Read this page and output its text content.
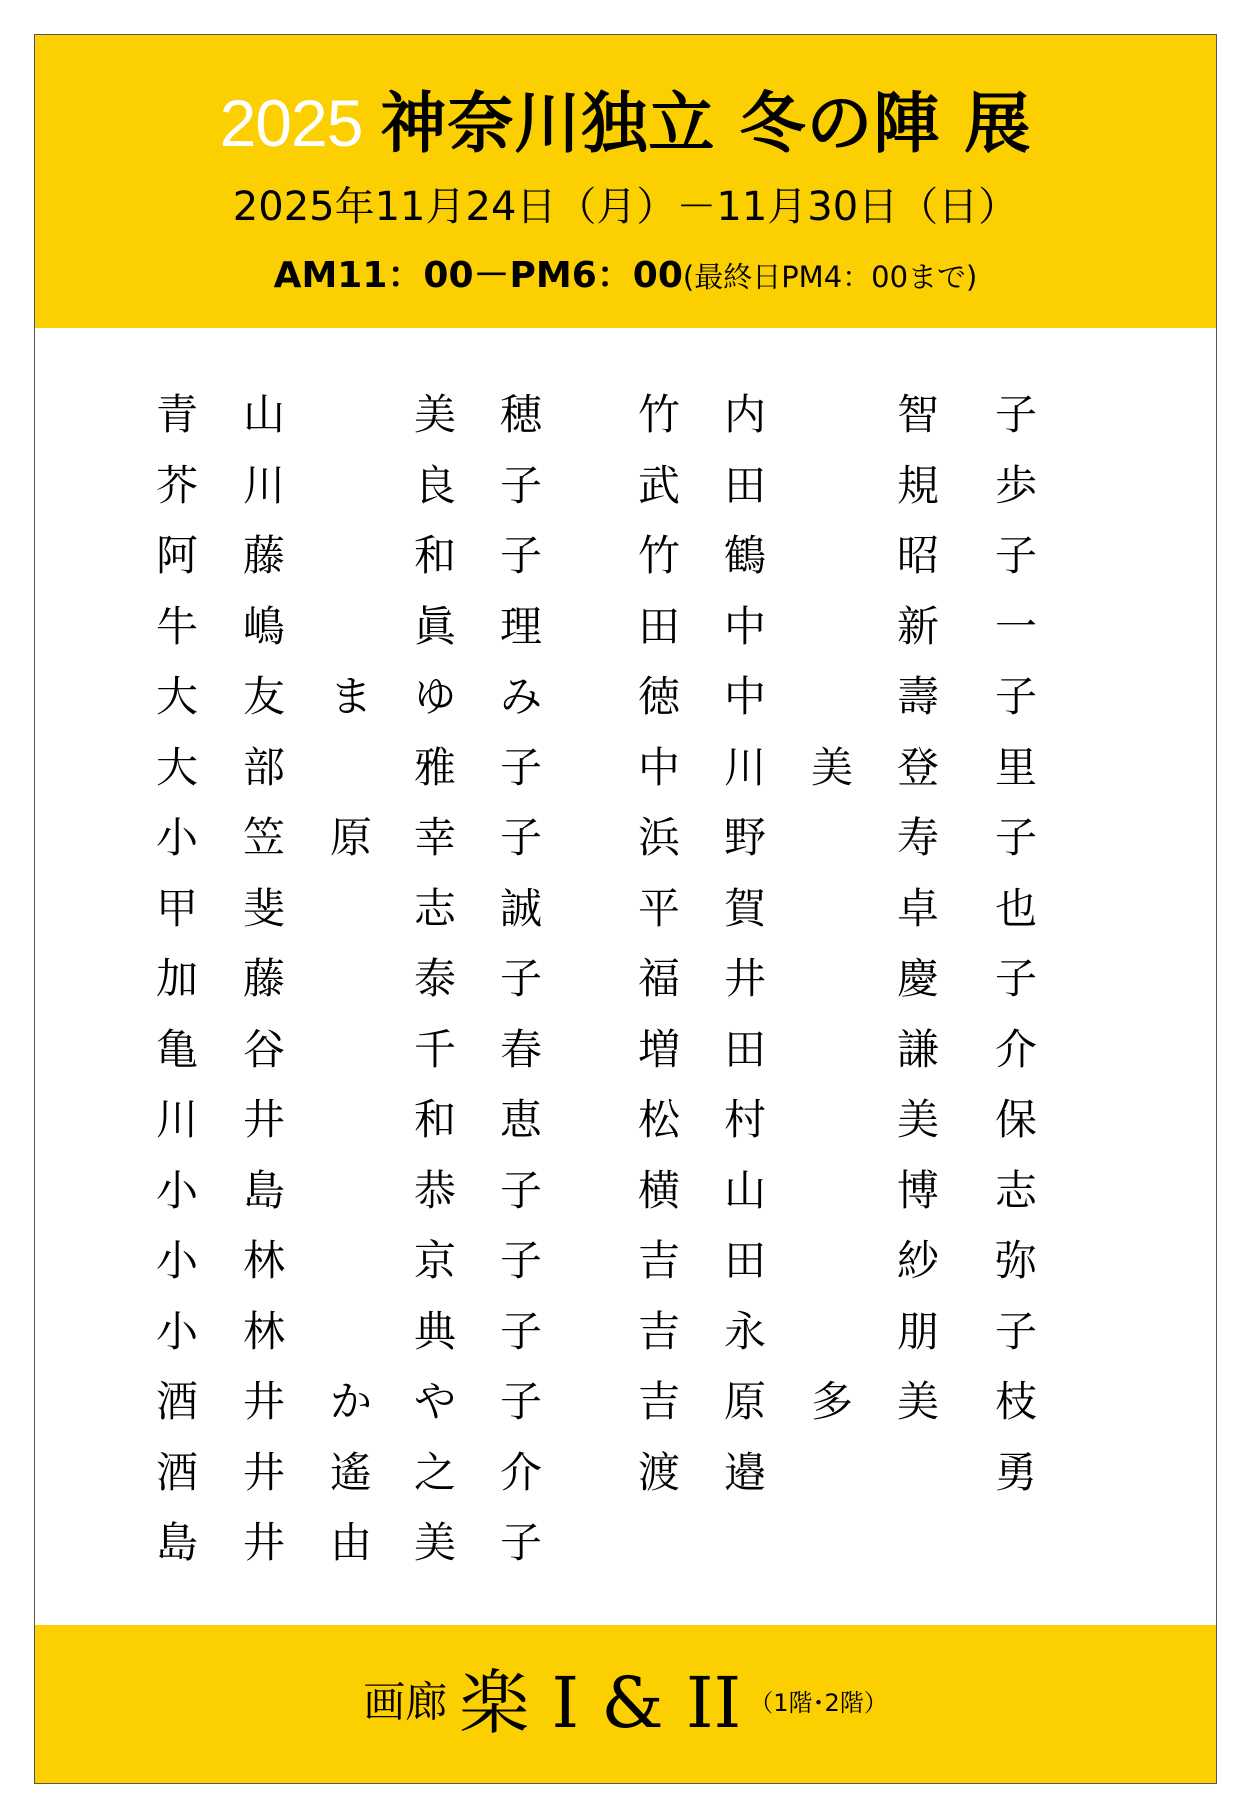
2025 神奈川独立 冬の陣 展
2025年11月24日（月）－11月30日（日）
AM11：00－PM6：00(最終日PM4：00まで)
青 山	美 穂
芥 川	良 子
阿 藤	和 子
牛 嶋	眞 理
大 友 ま ゆ み
大 部	雅 子
小 笠 原 幸 子
甲 斐	志 誠
加 藤	泰 子
亀 谷	千 春
川 井	和 恵
小 島	恭 子
小 林	京 子
小 林	典 子
酒 井 か や 子
酒 井 遙 之 介
島 井 由 美 子
竹 内	智 子
武 田	規 歩
竹 鶴	昭 子
田 中	新 一
徳 中	壽 子
中 川 美 登 里
浜 野	寿 子
平 賀	卓 也
福 井	慶 子
増 田	謙 介
松 村	美 保
横 山	博 志
吉 田	紗 弥
吉 永	朋 子
吉 原 多 美 枝
渡 邉	勇
画廊 楽 I & II （1階･2階）
